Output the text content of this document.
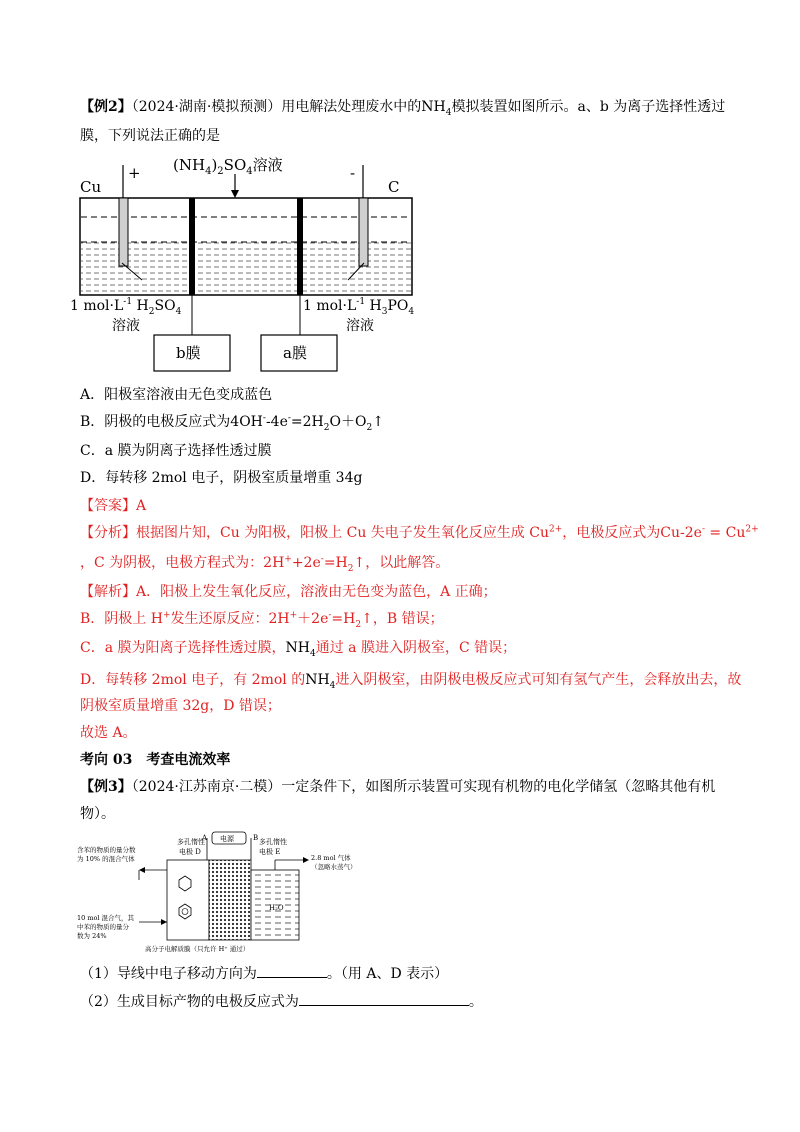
【例2】（2024·湖南·模拟预测）用电解法处理废水中的$NH_4$模拟装置如图所示。a、b 为离子选择性透过
膜，下列说法正确的是
Cu
+	-
C
$(NH_4)_2SO_4$溶液
1 $mol\cdot L^{-1}$ $H_2SO_4$
溶液
1 $mol\cdot L^{-1}$ $H_3PO_4$
溶液
b膜	a膜
A．阳极室溶液由无色变成蓝色
B．阴极的电极反应式为$4OH^--4e^-=2H_2O+O_2↑$
C．a 膜为阴离子选择性透过膜
D．每转移 2mol 电子，阴极室质量增重 34g
【答案】A
【分析】根据图片知，Cu 为阳极，阳极上 Cu 失电子发生氧化反应生成 $Cu^{2+}$，电极反应式为$Cu-2e^- = Cu^{2+}$
，C 为阴极，电极方程式为：$2H^++2e^-=H_2↑$，以此解答。
【解析】A．阳极上发生氧化反应，溶液由无色变为蓝色，A 正确；
B．阴极上 H+发生还原反应：$2H^++2e^-=H_2↑$，B 错误；
C．a 膜为阳离子选择性透过膜，$NH_4$通过 a 膜进入阴极室，C 错误；
D．每转移 2mol 电子，有 2mol 的$NH_4$进入阴极室，由阴极电极反应式可知有氢气产生，会释放出去，故
阴极室质量增重 32g，D 错误；
故选 A。
考向 03　考查电流效率
【例3】（2024·江苏南京·二模）一定条件下，如图所示装置可实现有机物的电化学储氢（忽略其他有机
物）。
A	B
电源
多孔惰性
电极 D
多孔惰性
电极 E
H₂O
含苯的物质的量分数
为 10% 的混合气体
10 mol 混合气，其
中苯的物质的量分
数为 24%
2.8 mol 气体
（忽略水蒸气）
高分子电解质膜（只允许 H⁺ 通过）
（1）导线中电子移动方向为	。（用 A、D 表示）
（2）生成目标产物的电极反应式为	。
